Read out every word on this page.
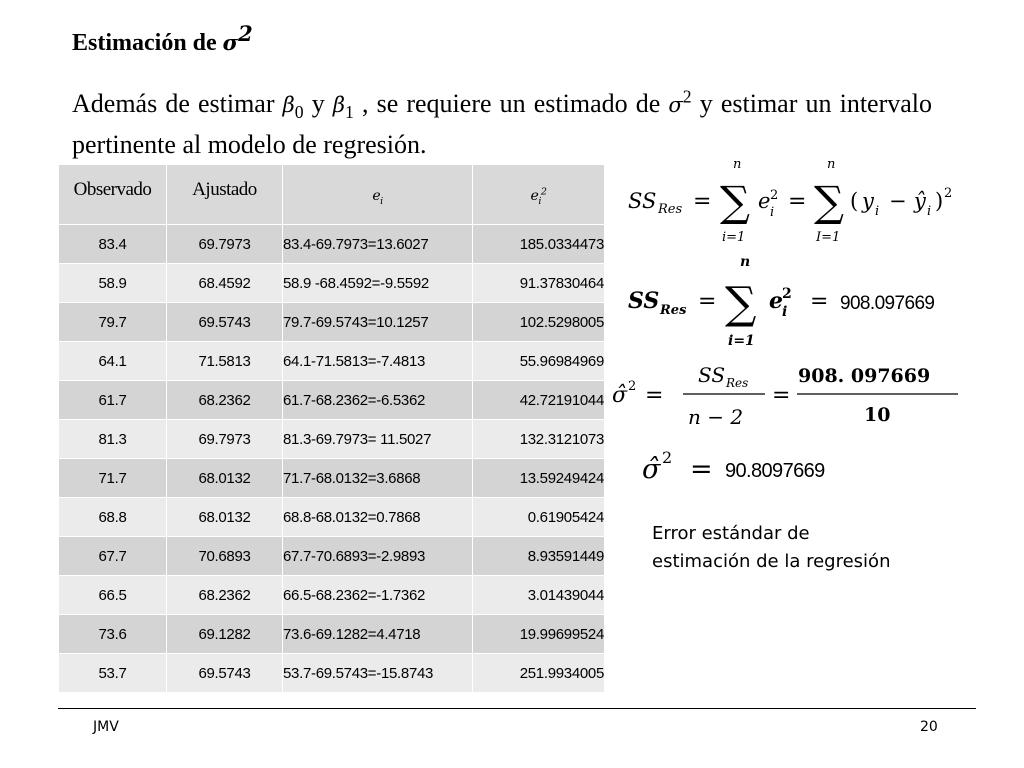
Estimación de $\sigma^2$
Además de estimar $\beta_0$ y $\beta_1$ , se requiere un estimado de $\sigma^2$ y estimar un intervalo pertinente al modelo de regresión.
Observado	Ajustado	$e_i$	$e_i^2$
83.4	69.7973	83.4-69.7973=13.6027	185.0334473
58.9	68.4592	58.9 -68.4592=-9.5592	91.37830464
79.7	69.5743	79.7-69.5743=10.1257	102.5298005
64.1	71.5813	64.1-71.5813=-7.4813	55.96984969
61.7	68.2362	61.7-68.2362=-6.5362	42.72191044
81.3	69.7973	81.3-69.7973= 11.5027	132.3121073
71.7	68.0132	71.7-68.0132=3.6868	13.59249424
68.8	68.0132	68.8-68.0132=0.7868	0.61905424
67.7	70.6893	67.7-70.6893=-2.9893	8.93591449
66.5	68.2362	66.5-68.2362=-1.7362	3.01439044
73.6	69.1282	73.6-69.1282=4.4718	19.99699524
53.7	69.5743	53.7-69.5743=-15.8743	251.9934005
SS Res = ∑
n
i=1
e 2
i = ∑
n
I=1
( y i − ŷ i ) 2
SS Res = ∑
n
i=1
e 2
i = 908.097669
σ̂ 2 =
SS Res
n − 2
=
908. 097669
10
σ̂ 2 = 90.8097669
Error estándar de
estimación de la regresión
JMV	20
